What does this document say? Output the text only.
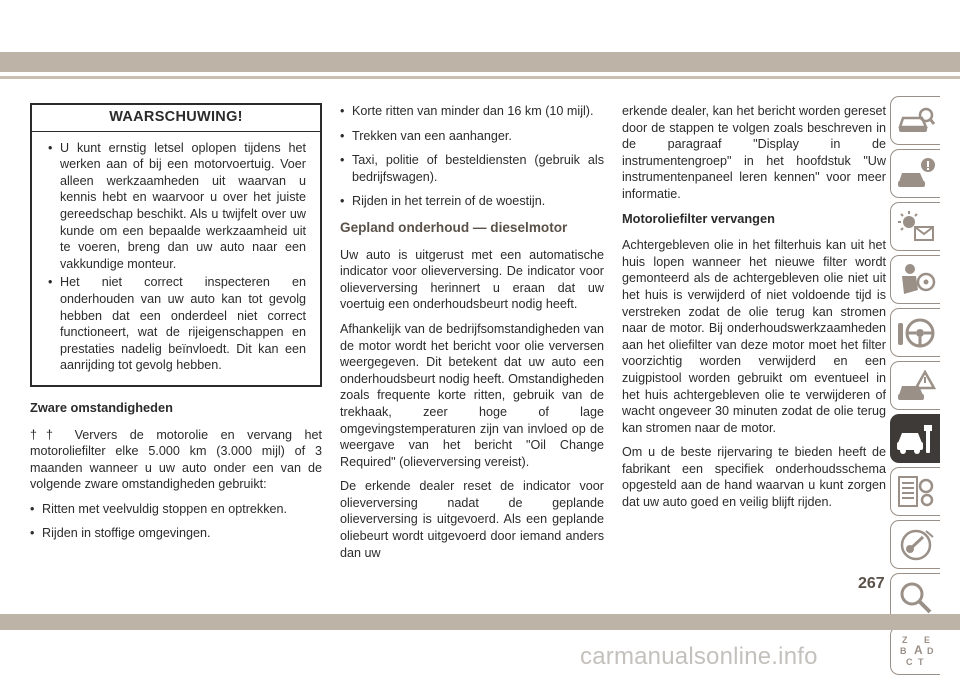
WAARSCHUWING!
• U kunt ernstig letsel oplopen tijdens het werken aan of bij een motorvoertuig. Voer alleen werkzaamheden uit waarvan u kennis hebt en waarvoor u over het juiste gereedschap beschikt. Als u twijfelt over uw kunde om een bepaalde werkzaamheid uit te voeren, breng dan uw auto naar een vakkundige monteur.
• Het niet correct inspecteren en onderhouden van uw auto kan tot gevolg hebben dat een onderdeel niet correct functioneert, wat de rijeigenschappen en prestaties nadelig beïnvloedt. Dit kan een aanrijding tot gevolg hebben.
Zware omstandigheden

†† Ververs de motorolie en vervang het motoroliefilter elke 5.000 km (3.000 mijl) of 3 maanden wanneer u uw auto onder een van de volgende zware omstandigheden gebruikt:

• Ritten met veelvuldig stoppen en optrekken.
• Rijden in stoffige omgevingen.
• Korte ritten van minder dan 16 km (10 mijl).
• Trekken van een aanhanger.
• Taxi, politie of besteldiensten (gebruik als bedrijfswagen).
• Rijden in het terrein of de woestijn.
Gepland onderhoud — dieselmotor

Uw auto is uitgerust met een automatische indicator voor olieverversing. De indicator voor olieverversing herinnert u eraan dat uw voertuig een onderhoudsbeurt nodig heeft.

Afhankelijk van de bedrijfsomstandigheden van de motor wordt het bericht voor olie verversen weergegeven. Dit betekent dat uw auto een onderhoudsbeurt nodig heeft. Omstandigheden zoals frequente korte ritten, gebruik van de trekhaak, zeer hoge of lage omgevingstemperaturen zijn van invloed op de weergave van het bericht "Oil Change Required" (olieverversing vereist).

De erkende dealer reset de indicator voor olieverversing nadat de geplande olieverversing is uitgevoerd. Als een geplande oliebeurt wordt uitgevoerd door iemand anders dan uw

erkende dealer, kan het bericht worden gereset door de stappen te volgen zoals beschreven in de paragraaf "Display in de instrumentengroep" in het hoofdstuk "Uw instrumentenpaneel leren kennen" voor meer informatie.

Motoroliefilter vervangen

Achtergebleven olie in het filterhuis kan uit het huis lopen wanneer het nieuwe filter wordt gemonteerd als de achtergebleven olie niet uit het huis is verwijderd of niet voldoende tijd is verstreken zodat de olie terug kan stromen naar de motor. Bij onderhoudswerkzaamheden aan het oliefilter van deze motor moet het filter voorzichtig worden verwijderd en een zuigpistool worden gebruikt om eventueel in het huis achtergebleven olie te verwijderen of wacht ongeveer 30 minuten zodat de olie terug kan stromen naar de motor.

Om u de beste rijervaring te bieden heeft de fabrikant een specifiek onderhoudsschema opgesteld aan de hand waarvan u kunt zorgen dat uw auto goed en veilig blijft rijden.

Z E
B A D
C T
267
carmanualsonline.info
